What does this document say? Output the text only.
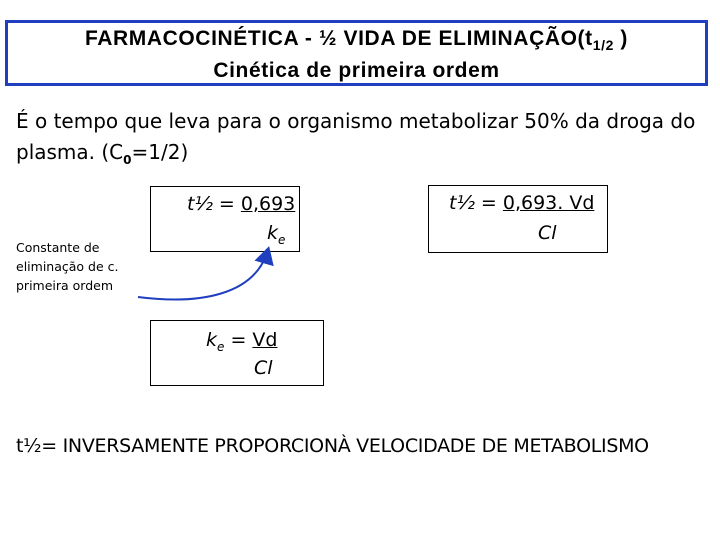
FARMACOCINÉTICA - ½ VIDA DE $ELIMINAÇÃO(t_{1/2}$ )
Cinética de primeira ordem
É o tempo que leva para o organismo metabolizar 50% da droga do plasma. $(C_0=1/2)$
Constante de eliminação de c. primeira ordem
t½ = 0,693
$k_e$
t½ = 0,693. Vd
Cl
$k_e = Vd$
Cl
t½= INVERSAMENTE PROPORCIONÀ VELOCIDADE DE METABOLISMO
